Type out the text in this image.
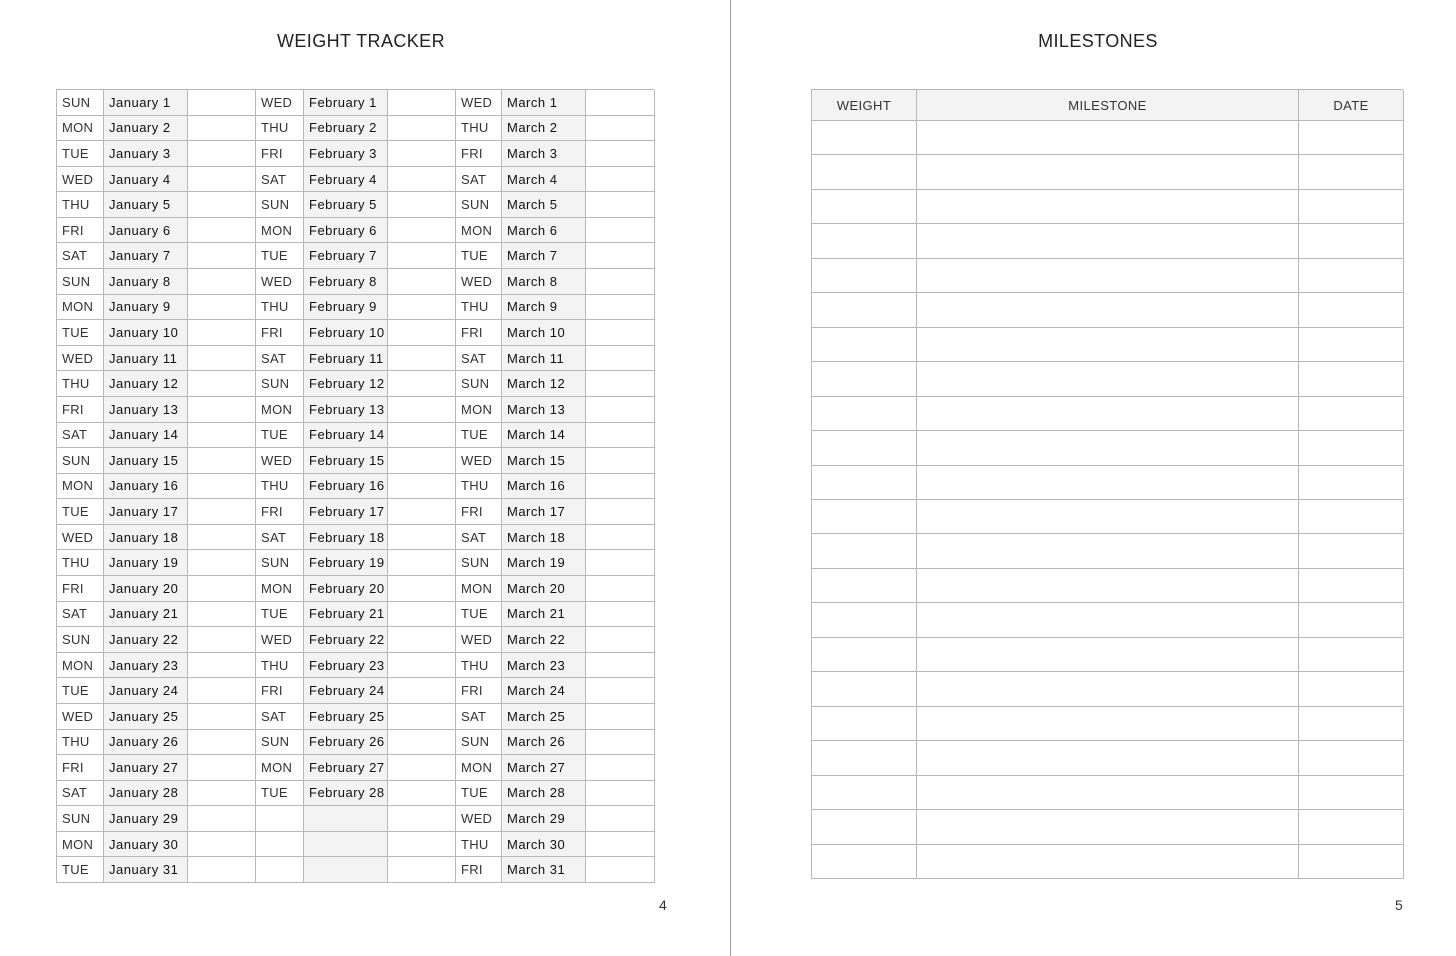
WEIGHT TRACKER
SUN	January 1	WED	February 1	WED	March 1
MON	January 2	THU	February 2	THU	March 2
TUE	January 3	FRI	February 3	FRI	March 3
WED	January 4	SAT	February 4	SAT	March 4
THU	January 5	SUN	February 5	SUN	March 5
FRI	January 6	MON	February 6	MON	March 6
SAT	January 7	TUE	February 7	TUE	March 7
SUN	January 8	WED	February 8	WED	March 8
MON	January 9	THU	February 9	THU	March 9
TUE	January 10	FRI	February 10	FRI	March 10
WED	January 11	SAT	February 11	SAT	March 11
THU	January 12	SUN	February 12	SUN	March 12
FRI	January 13	MON	February 13	MON	March 13
SAT	January 14	TUE	February 14	TUE	March 14
SUN	January 15	WED	February 15	WED	March 15
MON	January 16	THU	February 16	THU	March 16
TUE	January 17	FRI	February 17	FRI	March 17
WED	January 18	SAT	February 18	SAT	March 18
THU	January 19	SUN	February 19	SUN	March 19
FRI	January 20	MON	February 20	MON	March 20
SAT	January 21	TUE	February 21	TUE	March 21
SUN	January 22	WED	February 22	WED	March 22
MON	January 23	THU	February 23	THU	March 23
TUE	January 24	FRI	February 24	FRI	March 24
WED	January 25	SAT	February 25	SAT	March 25
THU	January 26	SUN	February 26	SUN	March 26
FRI	January 27	MON	February 27	MON	March 27
SAT	January 28	TUE	February 28	TUE	March 28
SUN	January 29	WED	March 29
MON	January 30	THU	March 30
TUE	January 31	FRI	March 31
4
MILESTONES
WEIGHT	MILESTONE	DATE
5
